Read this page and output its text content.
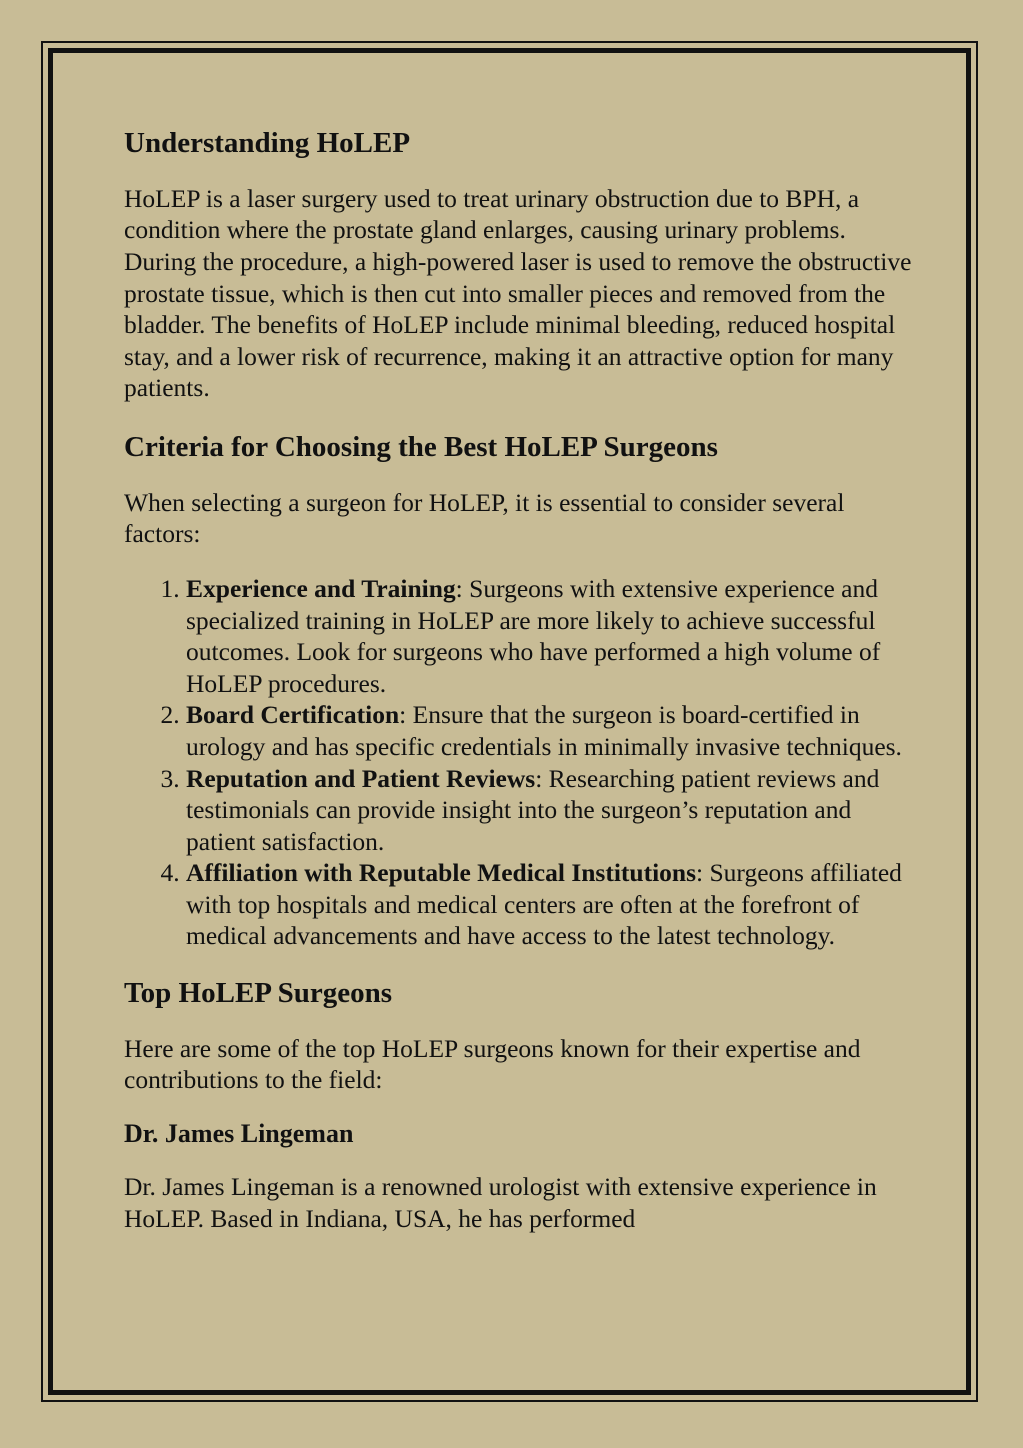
Understanding HoLEP

HoLEP is a laser surgery used to treat urinary obstruction due to BPH, a condition where the prostate gland enlarges, causing urinary problems. During the procedure, a high-powered laser is used to remove the obstructive prostate tissue, which is then cut into smaller pieces and removed from the bladder. The benefits of HoLEP include minimal bleeding, reduced hospital stay, and a lower risk of recurrence, making it an attractive option for many patients.

Criteria for Choosing the Best HoLEP Surgeons

When selecting a surgeon for HoLEP, it is essential to consider several factors:

1. Experience and Training: Surgeons with extensive experience and specialized training in HoLEP are more likely to achieve successful outcomes. Look for surgeons who have performed a high volume of HoLEP procedures.
2. Board Certification: Ensure that the surgeon is board-certified in urology and has specific credentials in minimally invasive techniques.
3. Reputation and Patient Reviews: Researching patient reviews and testimonials can provide insight into the surgeon’s reputation and patient satisfaction.
4. Affiliation with Reputable Medical Institutions: Surgeons affiliated with top hospitals and medical centers are often at the forefront of medical advancements and have access to the latest technology.
Top HoLEP Surgeons

Here are some of the top HoLEP surgeons known for their expertise and contributions to the field:

Dr. James Lingeman

Dr. James Lingeman is a renowned urologist with extensive experience in HoLEP. Based in Indiana, USA, he has performed
